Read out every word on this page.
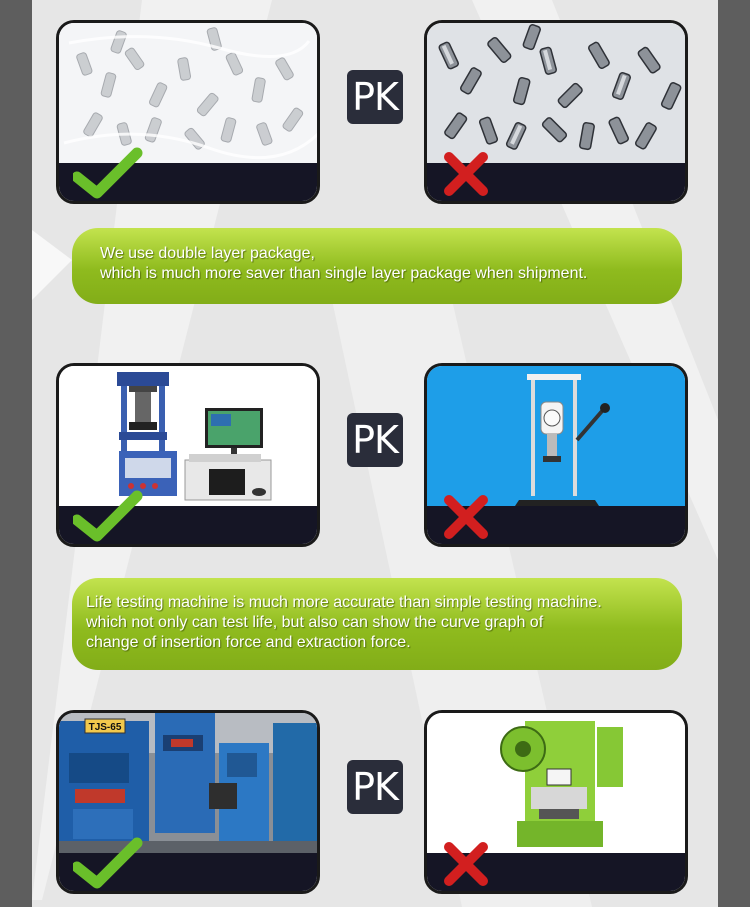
PK
We use double layer package,
which is much more saver than single layer package when shipment.
PK
Life testing machine is much more accurate than simple testing machine.
which not only can test life, but also can show the curve graph of
change of insertion force and extraction force.
TJS-65
PK
